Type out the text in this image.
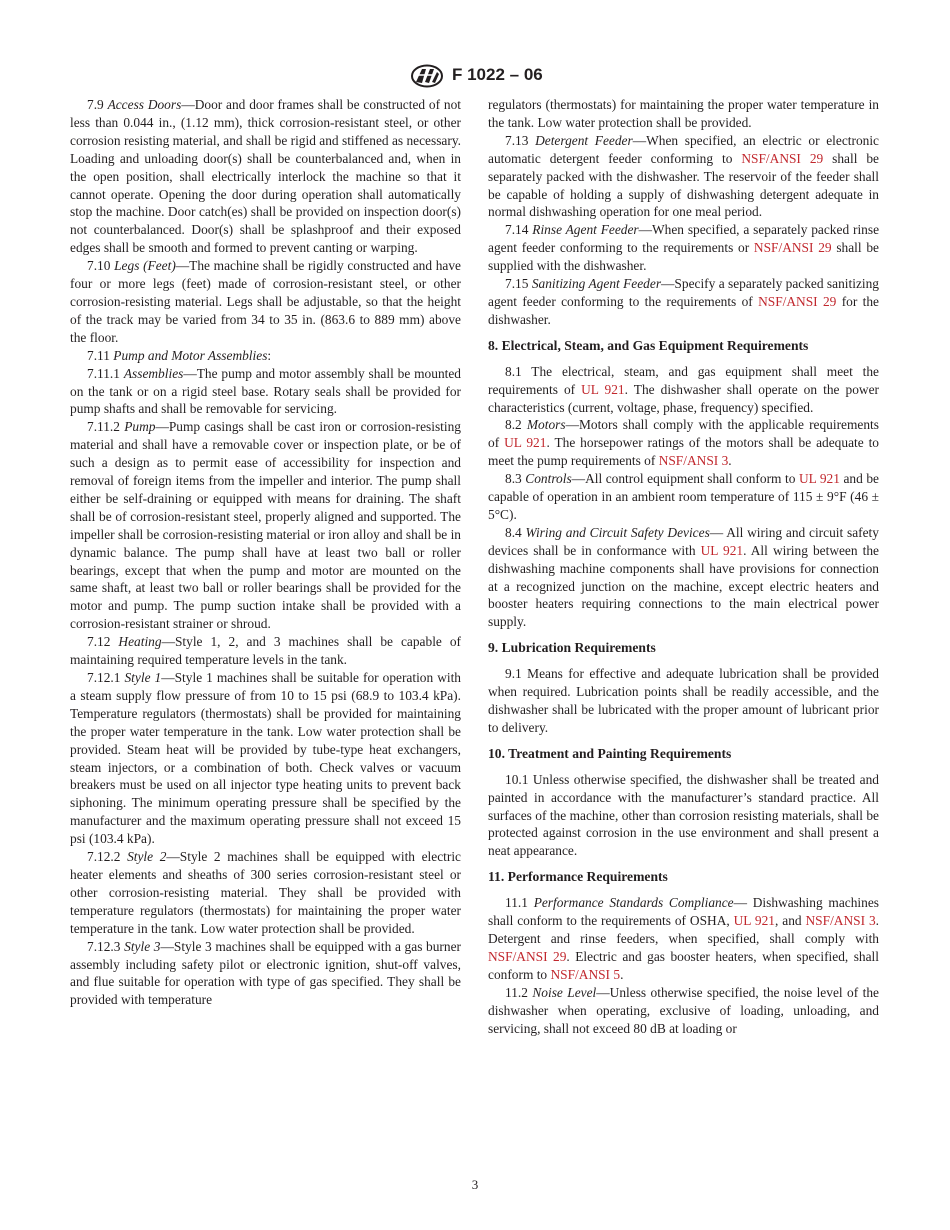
F 1022 – 06

7.9 Access Doors—Door and door frames shall be constructed of not less than 0.044 in., (1.12 mm), thick corrosion-resistant steel, or other corrosion resisting material, and shall be rigid and stiffened as necessary. Loading and unloading door(s) shall be counterbalanced and, when in the open position, shall electrically interlock the machine so that it cannot operate. Opening the door during operation shall automatically stop the machine. Door catch(es) shall be provided on inspection door(s) not counterbalanced. Door(s) shall be splashproof and their exposed edges shall be smooth and formed to prevent canting or warping.

7.10 Legs (Feet)—The machine shall be rigidly constructed and have four or more legs (feet) made of corrosion-resistant steel, or other corrosion-resisting material. Legs shall be adjustable, so that the height of the track may be varied from 34 to 35 in. (863.6 to 889 mm) above the floor.

7.11 Pump and Motor Assemblies:

7.11.1 Assemblies—The pump and motor assembly shall be mounted on the tank or on a rigid steel base. Rotary seals shall be provided for pump shafts and shall be removable for servicing.

7.11.2 Pump—Pump casings shall be cast iron or corrosion-resisting material and shall have a removable cover or inspection plate, or be of such a design as to permit ease of accessibility for inspection and removal of foreign items from the impeller and interior. The pump shall either be self-draining or equipped with means for draining. The shaft shall be of corrosion-resistant steel, properly aligned and supported. The impeller shall be corrosion-resisting material or iron alloy and shall be in dynamic balance. The pump shall have at least two ball or roller bearings, except that when the pump and motor are mounted on the same shaft, at least two ball or roller bearings shall be provided for the motor and pump. The pump suction intake shall be provided with a corrosion-resistant strainer or shroud.

7.12 Heating—Style 1, 2, and 3 machines shall be capable of maintaining required temperature levels in the tank.

7.12.1 Style 1—Style 1 machines shall be suitable for operation with a steam supply flow pressure of from 10 to 15 psi (68.9 to 103.4 kPa). Temperature regulators (thermostats) shall be provided for maintaining the proper water temperature in the tank. Low water protection shall be provided. Steam heat will be provided by tube-type heat exchangers, steam injectors, or a combination of both. Check valves or vacuum breakers must be used on all injector type heating units to prevent back siphoning. The minimum operating pressure shall be specified by the manufacturer and the maximum operating pressure shall not exceed 15 psi (103.4 kPa).

7.12.2 Style 2—Style 2 machines shall be equipped with electric heater elements and sheaths of 300 series corrosion-resistant steel or other corrosion-resisting material. They shall be provided with temperature regulators (thermostats) for maintaining the proper water temperature in the tank. Low water protection shall be provided.

7.12.3 Style 3—Style 3 machines shall be equipped with a gas burner assembly including safety pilot or electronic ignition, shut-off valves, and flue suitable for operation with type of gas specified. They shall be provided with temperature

regulators (thermostats) for maintaining the proper water temperature in the tank. Low water protection shall be provided.

7.13 Detergent Feeder—When specified, an electric or electronic automatic detergent feeder conforming to NSF/ANSI 29 shall be separately packed with the dishwasher. The reservoir of the feeder shall be capable of holding a supply of dishwashing detergent adequate in normal dishwashing operation for one meal period.

7.14 Rinse Agent Feeder—When specified, a separately packed rinse agent feeder conforming to the requirements or NSF/ANSI 29 shall be supplied with the dishwasher.

7.15 Sanitizing Agent Feeder—Specify a separately packed sanitizing agent feeder conforming to the requirements of NSF/ANSI 29 for the dishwasher.

8. Electrical, Steam, and Gas Equipment Requirements

8.1 The electrical, steam, and gas equipment shall meet the requirements of UL 921. The dishwasher shall operate on the power characteristics (current, voltage, phase, frequency) specified.

8.2 Motors—Motors shall comply with the applicable requirements of UL 921. The horsepower ratings of the motors shall be adequate to meet the pump requirements of NSF/ANSI 3.

8.3 Controls—All control equipment shall conform to UL 921 and be capable of operation in an ambient room temperature of 115 ± 9°F (46 ± 5°C).

8.4 Wiring and Circuit Safety Devices— All wiring and circuit safety devices shall be in conformance with UL 921. All wiring between the dishwashing machine components shall have provisions for connection at a recognized junction on the machine, except electric heaters and booster heaters requiring connections to the main electrical power supply.

9. Lubrication Requirements

9.1 Means for effective and adequate lubrication shall be provided when required. Lubrication points shall be readily accessible, and the dishwasher shall be lubricated with the proper amount of lubricant prior to delivery.

10. Treatment and Painting Requirements

10.1 Unless otherwise specified, the dishwasher shall be treated and painted in accordance with the manufacturer’s standard practice. All surfaces of the machine, other than corrosion resisting materials, shall be protected against corrosion in the use environment and shall present a neat appearance.

11. Performance Requirements

11.1 Performance Standards Compliance— Dishwashing machines shall conform to the requirements of OSHA, UL 921, and NSF/ANSI 3. Detergent and rinse feeders, when specified, shall comply with NSF/ANSI 29. Electric and gas booster heaters, when specified, shall conform to NSF/ANSI 5.

11.2 Noise Level—Unless otherwise specified, the noise level of the dishwasher when operating, exclusive of loading, unloading, and servicing, shall not exceed 80 dB at loading or

3
